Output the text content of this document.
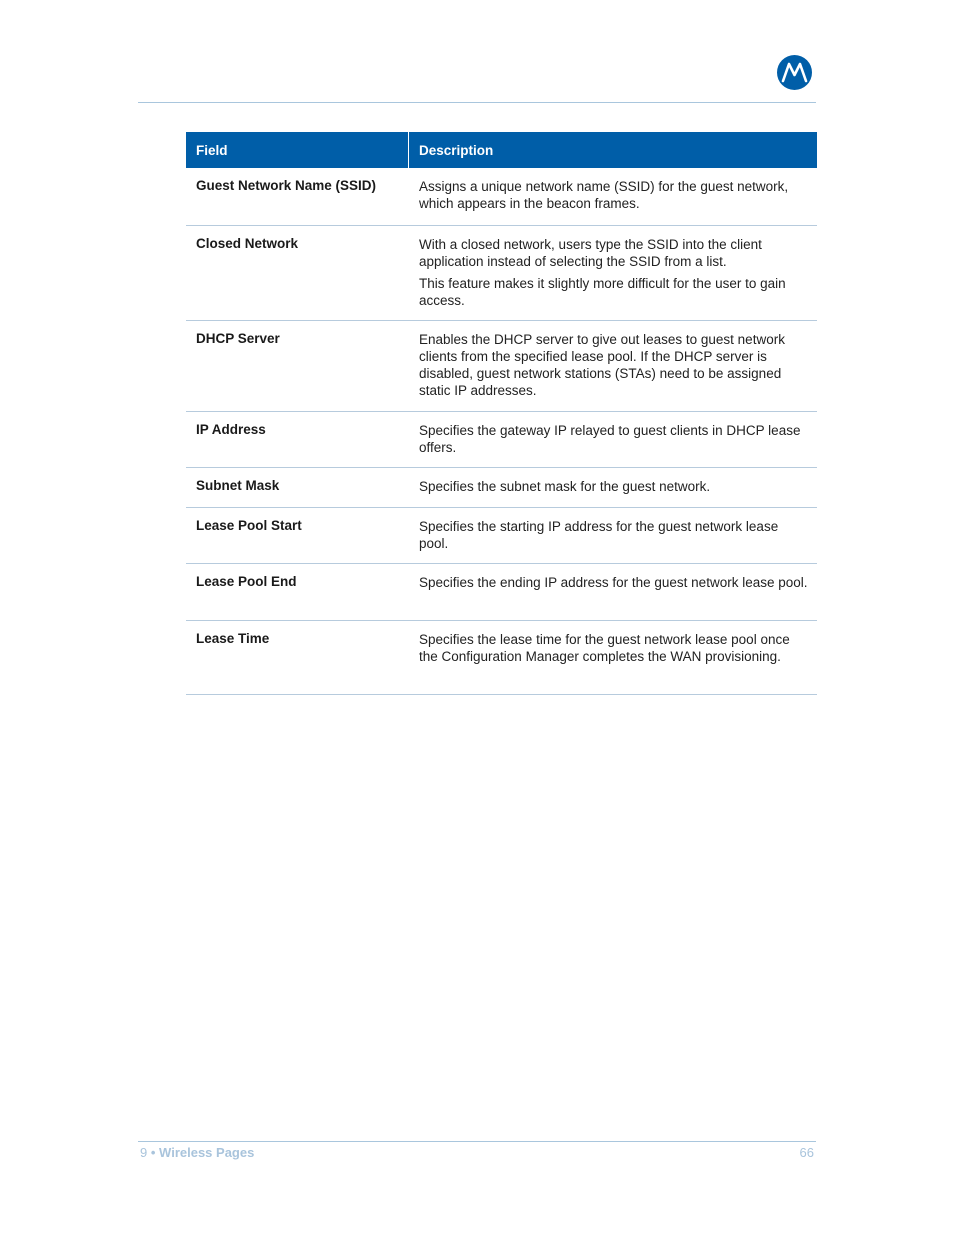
Field	Description
Guest Network Name (SSID)	Assigns a unique network name (SSID) for the guest network, which appears in the beacon frames.

Closed Network	With a closed network, users type the SSID into the client application instead of selecting the SSID from a list.

This feature makes it slightly more difficult for the user to gain access.

DHCP Server	Enables the DHCP server to give out leases to guest network clients from the specified lease pool. If the DHCP server is disabled, guest network stations (STAs) need to be assigned static IP addresses.

IP Address	Specifies the gateway IP relayed to guest clients in DHCP lease offers.

Subnet Mask	Specifies the subnet mask for the guest network.

Lease Pool Start	Specifies the starting IP address for the guest network lease pool.

Lease Pool End	Specifies the ending IP address for the guest network lease pool.

Lease Time	Specifies the lease time for the guest network lease pool once the Configuration Manager completes the WAN provisioning.

9 • Wireless Pages	66
